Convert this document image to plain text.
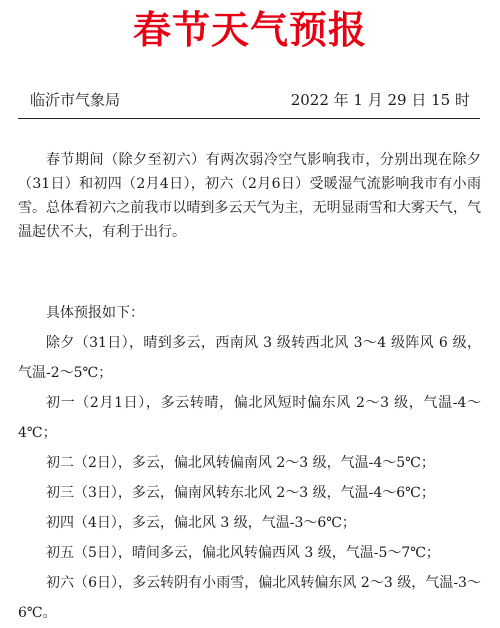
春节天气预报
临沂市气象局	2022 年 1 月 29 日 15 时

春节期间（除夕至初六）有两次弱冷空气影响我市，分别出现在除夕（31日）和初四（2月4日），初六（2月6日）受暖湿气流影响我市有小雨雪。总体看初六之前我市以晴到多云天气为主，无明显雨雪和大雾天气，气温起伏不大，有利于出行。

具体预报如下：

除夕（31日），晴到多云，西南风 3 级转西北风 3～4 级阵风 6 级，气温-2～5℃；

初一（2月1日），多云转晴，偏北风短时偏东风 2～3 级，气温-4～4℃；

初二（2日），多云，偏北风转偏南风 2～3 级，气温-4～5℃；

初三（3日），多云，偏南风转东北风 2～3 级，气温-4～6℃；

初四（4日），多云，偏北风 3 级，气温-3～6℃；

初五（5日），晴间多云，偏北风转偏西风 3 级，气温-5～7℃；

初六（6日），多云转阴有小雨雪，偏北风转偏东风 2～3 级，气温-3～6℃。
